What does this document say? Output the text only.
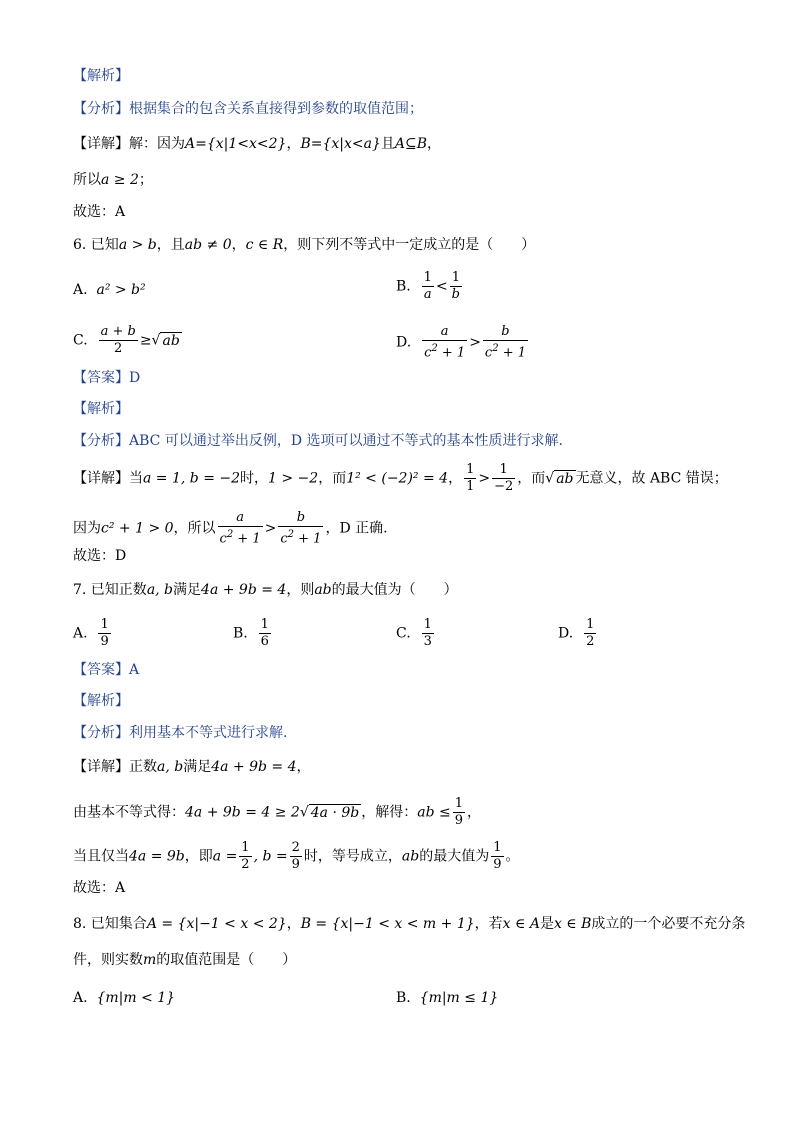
【解析】
【分析】根据集合的包含关系直接得到参数的取值范围；
【详解】解：因为A={x|1<x<2}，B={x|x<a}且A⊆B，
所以a ≥ 2；
故选：A
6. 已知a > b，且ab ≠ 0，c ∈ R，则下列不等式中一定成立的是（　　）
A. a² > b²	B. $\frac{1}{a} < \frac{1}{b}$
C. $\frac{a + b}{2}$ ≥√ ab	D. $\frac{a}{c^2 + 1} > \frac{b}{c^2 + 1}$
【答案】D
【解析】
【分析】ABC 可以通过举出反例，D 选项可以通过不等式的基本性质进行求解.
【详解】当a = 1, b = −2时，1 > −2，而1² < (−2)² = 4， $\frac{1}{1} > \frac{1}{-2}$ ，而√ ab 无意义，故 ABC 错误；
因为c² + 1 > 0，所以 $\frac{a}{c^2 + 1} > \frac{b}{c^2 + 1}$ ，D 正确.
故选：D
7. 已知正数a, b满足4a + 9b = 4，则ab的最大值为（　　）
A. $\frac{1}{9}$	B. $\frac{1}{6}$	C. $\frac{1}{3}$	D. $\frac{1}{2}$
【答案】A
【解析】
【分析】利用基本不等式进行求解.
【详解】正数a, b满足4a + 9b = 4，
由基本不等式得：4a + 9b = 4 ≥ 2√ 4a · 9b ，解得：ab ≤ $\frac{1}{9}$ ，
当且仅当4a = 9b，即$a = \frac{1}{2}$ , $b = \frac{2}{9}$ 时，等号成立，ab的最大值为 $\frac{1}{9}$ 。
故选：A
8. 已知集合A = {x|−1 < x < 2}，B = {x|−1 < x < m + 1}，若x ∈ A是x ∈ B成立的一个必要不充分条
件，则实数m的取值范围是（　　）
A. {m|m < 1}	B. {m|m ≤ 1}
